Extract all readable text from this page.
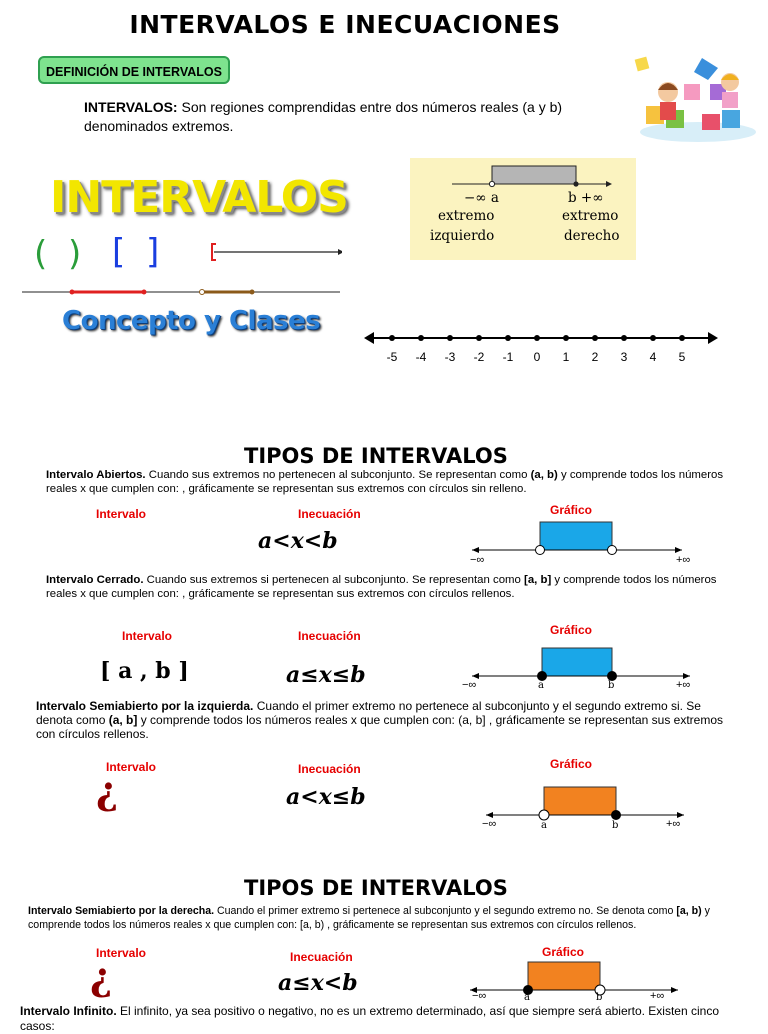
INTERVALOS E INECUACIONES
DEFINICIÓN DE INTERVALOS
INTERVALOS: Son regiones comprendidas entre dos números reales (a y b) denominados extremos.
INTERVALOS
( ) [ ]
Concepto y Clases
−∞ a	b +∞
extremo
izquierdo
extremo
derecho
-5 -4 -3 -2 -1	0	1	2	3	4	5
TIPOS DE INTERVALOS
Intervalo Abiertos. Cuando sus extremos no pertenecen al subconjunto. Se representan como (a, b) y comprende todos los números reales x que cumplen con: , gráficamente se representan sus extremos con círculos sin relleno.
Intervalo	Inecuación	Gráfico
a<x<b
−∞	+∞
Intervalo Cerrado. Cuando sus extremos si pertenecen al subconjunto. Se representan como [a, b] y comprende todos los números reales x que cumplen con: , gráficamente se representan sus extremos con círculos rellenos.
Intervalo	Inecuación	Gráfico
[ a , b ]	a≤x≤b	a	b
−∞	+∞
Intervalo Semiabierto por la izquierda. Cuando el primer extremo no pertenece al subconjunto y el segundo extremo si. Se denota como (a, b] y comprende todos los números reales x que cumplen con: (a, b] , gráficamente se representan sus extremos con círculos rellenos.
Intervalo	Inecuación	Gráfico
¿	a<x≤b
a	b
−∞	+∞
TIPOS DE INTERVALOS
Intervalo Semiabierto por la derecha. Cuando el primer extremo si pertenece al subconjunto y el segundo extremo no. Se denota como [a, b) y comprende todos los números reales x que cumplen con: [a, b) , gráficamente se representan sus extremos con círculos rellenos.
Intervalo	Inecuación	Gráfico
¿	a≤x<b
a	b
−∞	+∞
Intervalo Infinito. El infinito, ya sea positivo o negativo, no es un extremo determinado, así que siempre será abierto. Existen cinco casos:
